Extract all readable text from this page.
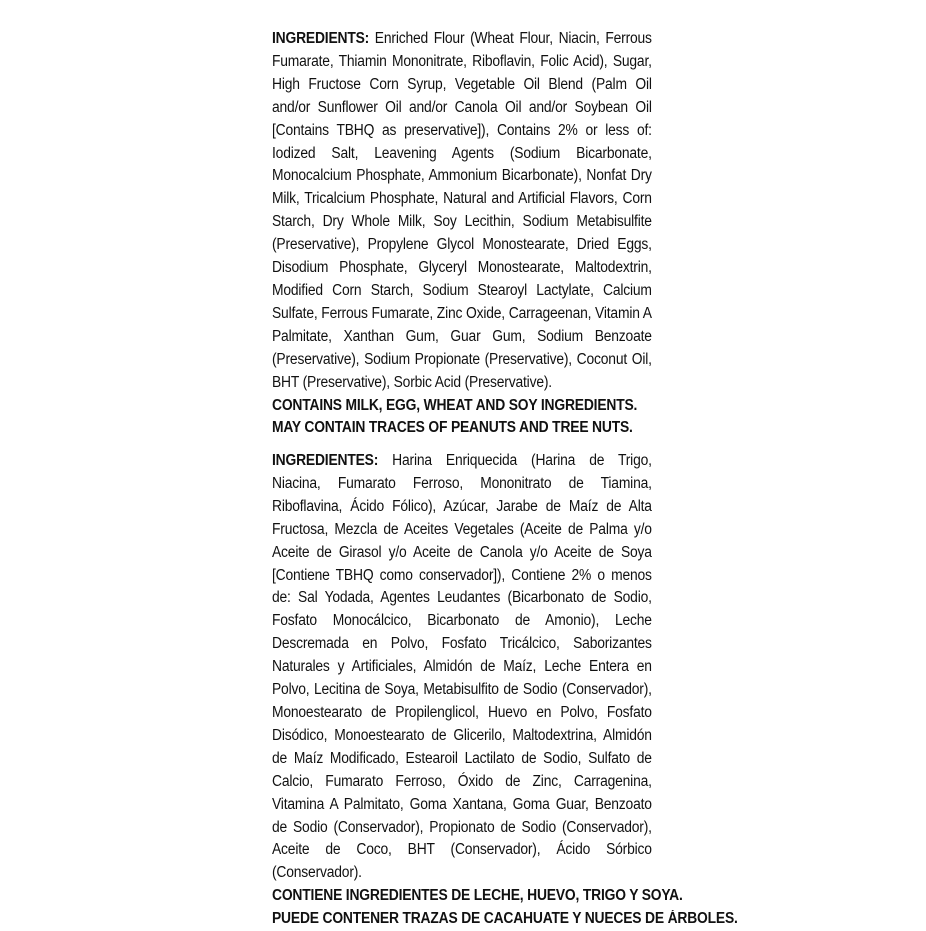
INGREDIENTS: Enriched Flour (Wheat Flour, Niacin, Ferrous Fumarate, Thiamin Mononitrate, Riboflavin, Folic Acid), Sugar, High Fructose Corn Syrup, Vegetable Oil Blend (Palm Oil and/or Sunflower Oil and/or Canola Oil and/or Soybean Oil [Contains TBHQ as preservative]), Contains 2% or less of: Iodized Salt, Leavening Agents (Sodium Bicarbonate, Monocalcium Phosphate, Ammonium Bicarbonate), Nonfat Dry Milk, Tricalcium Phosphate, Natural and Artificial Flavors, Corn Starch, Dry Whole Milk, Soy Lecithin, Sodium Metabisulfite (Preservative), Propylene Glycol Monostearate, Dried Eggs, Disodium Phosphate, Glyceryl Monostearate, Maltodextrin, Modified Corn Starch, Sodium Stearoyl Lactylate, Calcium Sulfate, Ferrous Fumarate, Zinc Oxide, Carrageenan, Vitamin A Palmitate, Xanthan Gum, Guar Gum, Sodium Benzoate (Preservative), Sodium Propionate (Preservative), Coconut Oil, BHT (Preservative), Sorbic Acid (Preservative).

CONTAINS MILK, EGG, WHEAT AND SOY INGREDIENTS.

MAY CONTAIN TRACES OF PEANUTS AND TREE NUTS.

INGREDIENTES: Harina Enriquecida (Harina de Trigo, Niacina, Fumarato Ferroso, Mononitrato de Tiamina, Riboflavina, Ácido Fólico), Azúcar, Jarabe de Maíz de Alta Fructosa, Mezcla de Aceites Vegetales (Aceite de Palma y/o Aceite de Girasol y/o Aceite de Canola y/o Aceite de Soya [Contiene TBHQ como conservador]), Contiene 2% o menos de: Sal Yodada, Agentes Leudantes (Bicarbonato de Sodio, Fosfato Monocálcico, Bicarbonato de Amonio), Leche Descremada en Polvo, Fosfato Tricálcico, Saborizantes Naturales y Artificiales, Almidón de Maíz, Leche Entera en Polvo, Lecitina de Soya, Metabisulfito de Sodio (Conservador), Monoestearato de Propilenglicol, Huevo en Polvo, Fosfato Disódico, Monoestearato de Glicerilo, Maltodextrina, Almidón de Maíz Modificado, Estearoil Lactilato de Sodio, Sulfato de Calcio, Fumarato Ferroso, Óxido de Zinc, Carragenina, Vitamina A Palmitato, Goma Xantana, Goma Guar, Benzoato de Sodio (Conservador), Propionato de Sodio (Conservador), Aceite de Coco, BHT (Conservador), Ácido Sórbico (Conservador).

CONTIENE INGREDIENTES DE LECHE, HUEVO, TRIGO Y SOYA.

PUEDE CONTENER TRAZAS DE CACAHUATE Y NUECES DE ÁRBOLES.
